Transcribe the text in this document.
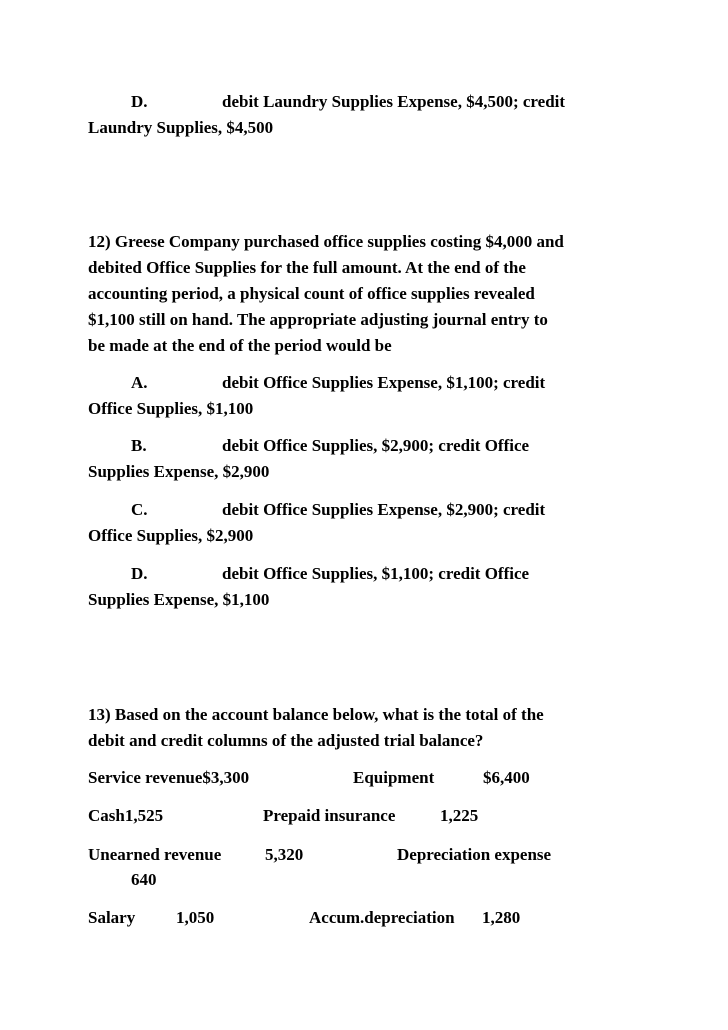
D.	debit Laundry Supplies Expense, $4,500; credit
Laundry Supplies, $4,500
12) Greese Company purchased office supplies costing $4,000 and
debited Office Supplies for the full amount. At the end of the
accounting period, a physical count of office supplies revealed
$1,100 still on hand. The appropriate adjusting journal entry to
be made at the end of the period would be
A.	debit Office Supplies Expense, $1,100; credit
Office Supplies, $1,100
B.	debit Office Supplies, $2,900; credit Office
Supplies Expense, $2,900
C.	debit Office Supplies Expense, $2,900; credit
Office Supplies, $2,900
D.	debit Office Supplies, $1,100; credit Office
Supplies Expense, $1,100
13) Based on the account balance below, what is the total of the
debit and credit columns of the adjusted trial balance?
Service revenue$3,300	Equipment	$6,400
Cash1,525	Prepaid insurance	1,225
Unearned revenue	5,320	Depreciation expense
640
Salary 1,050	Accum.depreciation 1,280
